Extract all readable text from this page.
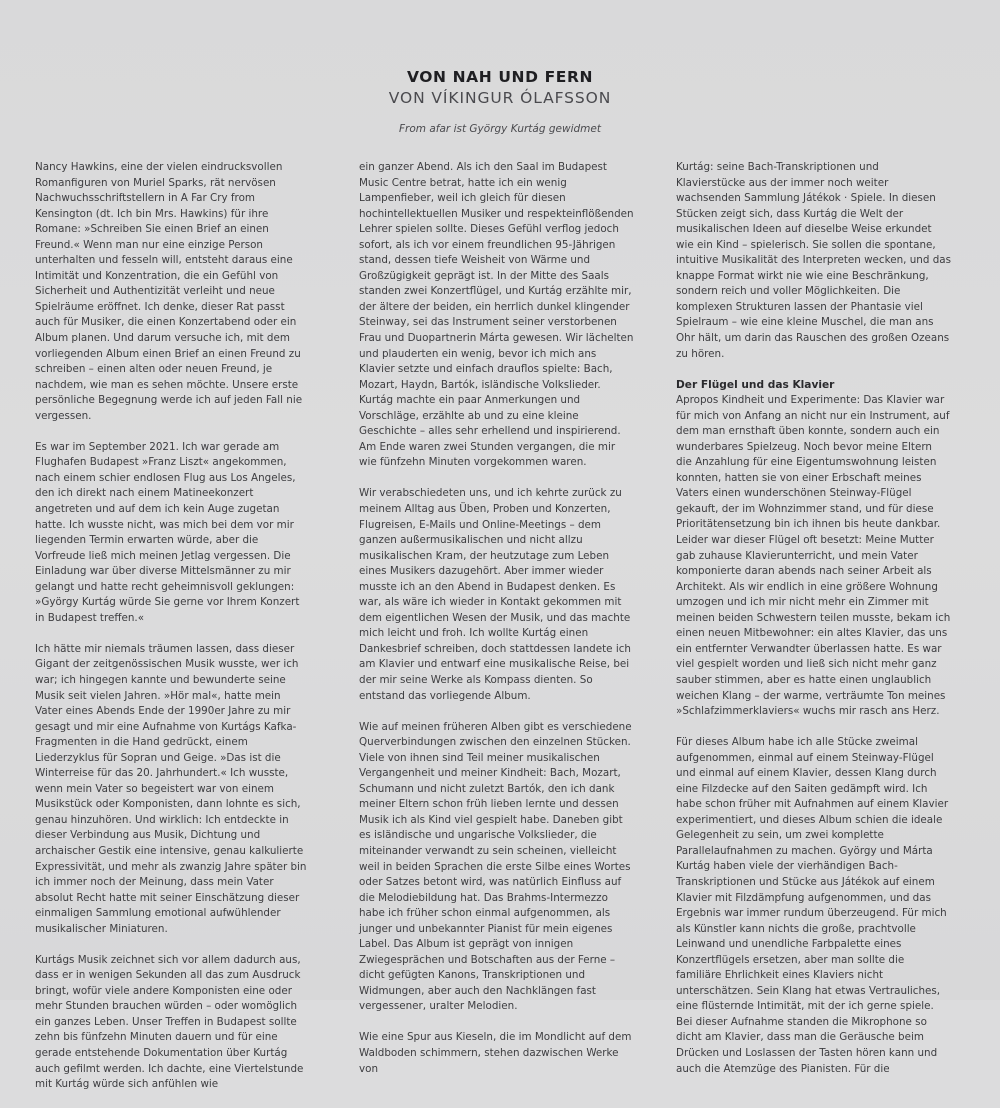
VON NAH UND FERN
VON VÍKINGUR ÓLAFSSON
From afar ist György Kurtág gewidmet

Nancy Hawkins, eine der vielen eindrucksvollen Romanfiguren von Muriel Sparks, rät nervösen Nachwuchsschriftstellern in A Far Cry from Kensington (dt. Ich bin Mrs. Hawkins) für ihre Romane: »Schreiben Sie einen Brief an einen Freund.« Wenn man nur eine einzige Person unterhalten und fesseln will, entsteht daraus eine Intimität und Konzentration, die ein Gefühl von Sicherheit und Authentizität verleiht und neue Spielräume eröffnet. Ich denke, dieser Rat passt auch für Musiker, die einen Konzertabend oder ein Album planen. Und darum versuche ich, mit dem vorliegenden Album einen Brief an einen Freund zu schreiben – einen alten oder neuen Freund, je nachdem, wie man es sehen möchte. Unsere erste persönliche Begegnung werde ich auf jeden Fall nie vergessen.

Es war im September 2021. Ich war gerade am Flughafen Budapest »Franz Liszt« angekommen, nach einem schier endlosen Flug aus Los Angeles, den ich direkt nach einem Matineekonzert angetreten und auf dem ich kein Auge zugetan hatte. Ich wusste nicht, was mich bei dem vor mir liegenden Termin erwarten würde, aber die Vorfreude ließ mich meinen Jetlag vergessen. Die Einladung war über diverse Mittelsmänner zu mir gelangt und hatte recht geheimnisvoll geklungen: »György Kurtág würde Sie gerne vor Ihrem Konzert in Budapest treffen.«

Ich hätte mir niemals träumen lassen, dass dieser Gigant der zeitgenössischen Musik wusste, wer ich war; ich hingegen kannte und bewunderte seine Musik seit vielen Jahren. »Hör mal«, hatte mein Vater eines Abends Ende der 1990er Jahre zu mir gesagt und mir eine Aufnahme von Kurtágs Kafka-Fragmenten in die Hand gedrückt, einem Liederzyklus für Sopran und Geige. »Das ist die Winterreise für das 20. Jahrhundert.« Ich wusste, wenn mein Vater so begeistert war von einem Musikstück oder Komponisten, dann lohnte es sich, genau hinzuhören. Und wirklich: Ich entdeckte in dieser Verbindung aus Musik, Dichtung und archaischer Gestik eine intensive, genau kalkulierte Expressivität, und mehr als zwanzig Jahre später bin ich immer noch der Meinung, dass mein Vater absolut Recht hatte mit seiner Einschätzung dieser einmaligen Sammlung emotional aufwühlender musikalischer Miniaturen.

Kurtágs Musik zeichnet sich vor allem dadurch aus, dass er in wenigen Sekunden all das zum Ausdruck bringt, wofür viele andere Komponisten eine oder mehr Stunden brauchen würden – oder womöglich ein ganzes Leben. Unser Treffen in Budapest sollte zehn bis fünfzehn Minuten dauern und für eine gerade entstehende Dokumentation über Kurtág auch gefilmt werden. Ich dachte, eine Viertelstunde mit Kurtág würde sich anfühlen wie

ein ganzer Abend. Als ich den Saal im Budapest Music Centre betrat, hatte ich ein wenig Lampenfieber, weil ich gleich für diesen hochintellektuellen Musiker und respekteinflößenden Lehrer spielen sollte. Dieses Gefühl verflog jedoch sofort, als ich vor einem freundlichen 95-Jährigen stand, dessen tiefe Weisheit von Wärme und Großzügigkeit geprägt ist. In der Mitte des Saals standen zwei Konzertflügel, und Kurtág erzählte mir, der ältere der beiden, ein herrlich dunkel klingender Steinway, sei das Instrument seiner verstorbenen Frau und Duopartnerin Márta gewesen. Wir lächelten und plauderten ein wenig, bevor ich mich ans Klavier setzte und einfach drauflos spielte: Bach, Mozart, Haydn, Bartók, isländische Volkslieder. Kurtág machte ein paar Anmerkungen und Vorschläge, erzählte ab und zu eine kleine Geschichte – alles sehr erhellend und inspirierend. Am Ende waren zwei Stunden vergangen, die mir wie fünfzehn Minuten vorgekommen waren.

Wir verabschiedeten uns, und ich kehrte zurück zu meinem Alltag aus Üben, Proben und Konzerten, Flugreisen, E-Mails und Online-Meetings – dem ganzen außermusikalischen und nicht allzu musikalischen Kram, der heutzutage zum Leben eines Musikers dazugehört. Aber immer wieder musste ich an den Abend in Budapest denken. Es war, als wäre ich wieder in Kontakt gekommen mit dem eigentlichen Wesen der Musik, und das machte mich leicht und froh. Ich wollte Kurtág einen Dankesbrief schreiben, doch stattdessen landete ich am Klavier und entwarf eine musikalische Reise, bei der mir seine Werke als Kompass dienten. So entstand das vorliegende Album.

Wie auf meinen früheren Alben gibt es verschiedene Querverbindungen zwischen den einzelnen Stücken. Viele von ihnen sind Teil meiner musikalischen Vergangenheit und meiner Kindheit: Bach, Mozart, Schumann und nicht zuletzt Bartók, den ich dank meiner Eltern schon früh lieben lernte und dessen Musik ich als Kind viel gespielt habe. Daneben gibt es isländische und ungarische Volkslieder, die miteinander verwandt zu sein scheinen, vielleicht weil in beiden Sprachen die erste Silbe eines Wortes oder Satzes betont wird, was natürlich Einfluss auf die Melodiebildung hat. Das Brahms-Intermezzo habe ich früher schon einmal aufgenommen, als junger und unbekannter Pianist für mein eigenes Label. Das Album ist geprägt von innigen Zwiegesprächen und Botschaften aus der Ferne – dicht gefügten Kanons, Transkriptionen und Widmungen, aber auch den Nachklängen fast vergessener, uralter Melodien.

Wie eine Spur aus Kieseln, die im Mondlicht auf dem Waldboden schimmern, stehen dazwischen Werke von

Kurtág: seine Bach-Transkriptionen und Klavierstücke aus der immer noch weiter wachsenden Sammlung Játékok · Spiele. In diesen Stücken zeigt sich, dass Kurtág die Welt der musikalischen Ideen auf dieselbe Weise erkundet wie ein Kind – spielerisch. Sie sollen die spontane, intuitive Musikalität des Interpreten wecken, und das knappe Format wirkt nie wie eine Beschränkung, sondern reich und voller Möglichkeiten. Die komplexen Strukturen lassen der Phantasie viel Spielraum – wie eine kleine Muschel, die man ans Ohr hält, um darin das Rauschen des großen Ozeans zu hören.

Der Flügel und das Klavier

Apropos Kindheit und Experimente: Das Klavier war für mich von Anfang an nicht nur ein Instrument, auf dem man ernsthaft üben konnte, sondern auch ein wunderbares Spielzeug. Noch bevor meine Eltern die Anzahlung für eine Eigentumswohnung leisten konnten, hatten sie von einer Erbschaft meines Vaters einen wunderschönen Steinway-Flügel gekauft, der im Wohnzimmer stand, und für diese Prioritätensetzung bin ich ihnen bis heute dankbar. Leider war dieser Flügel oft besetzt: Meine Mutter gab zuhause Klavierunterricht, und mein Vater komponierte daran abends nach seiner Arbeit als Architekt. Als wir endlich in eine größere Wohnung umzogen und ich mir nicht mehr ein Zimmer mit meinen beiden Schwestern teilen musste, bekam ich einen neuen Mitbewohner: ein altes Klavier, das uns ein entfernter Verwandter überlassen hatte. Es war viel gespielt worden und ließ sich nicht mehr ganz sauber stimmen, aber es hatte einen unglaublich weichen Klang – der warme, verträumte Ton meines »Schlafzimmerklaviers« wuchs mir rasch ans Herz.

Für dieses Album habe ich alle Stücke zweimal aufgenommen, einmal auf einem Steinway-Flügel und einmal auf einem Klavier, dessen Klang durch eine Filzdecke auf den Saiten gedämpft wird. Ich habe schon früher mit Aufnahmen auf einem Klavier experimentiert, und dieses Album schien die ideale Gelegenheit zu sein, um zwei komplette Parallelaufnahmen zu machen. György und Márta Kurtág haben viele der vierhändigen Bach-Transkriptionen und Stücke aus Játékok auf einem Klavier mit Filzdämpfung aufgenommen, und das Ergebnis war immer rundum überzeugend. Für mich als Künstler kann nichts die große, prachtvolle Leinwand und unendliche Farbpalette eines Konzertflügels ersetzen, aber man sollte die familiäre Ehrlichkeit eines Klaviers nicht unterschätzen. Sein Klang hat etwas Vertrauliches, eine flüsternde Intimität, mit der ich gerne spiele. Bei dieser Aufnahme standen die Mikrophone so dicht am Klavier, dass man die Geräusche beim Drücken und Loslassen der Tasten hören kann und auch die Atemzüge des Pianisten. Für die
